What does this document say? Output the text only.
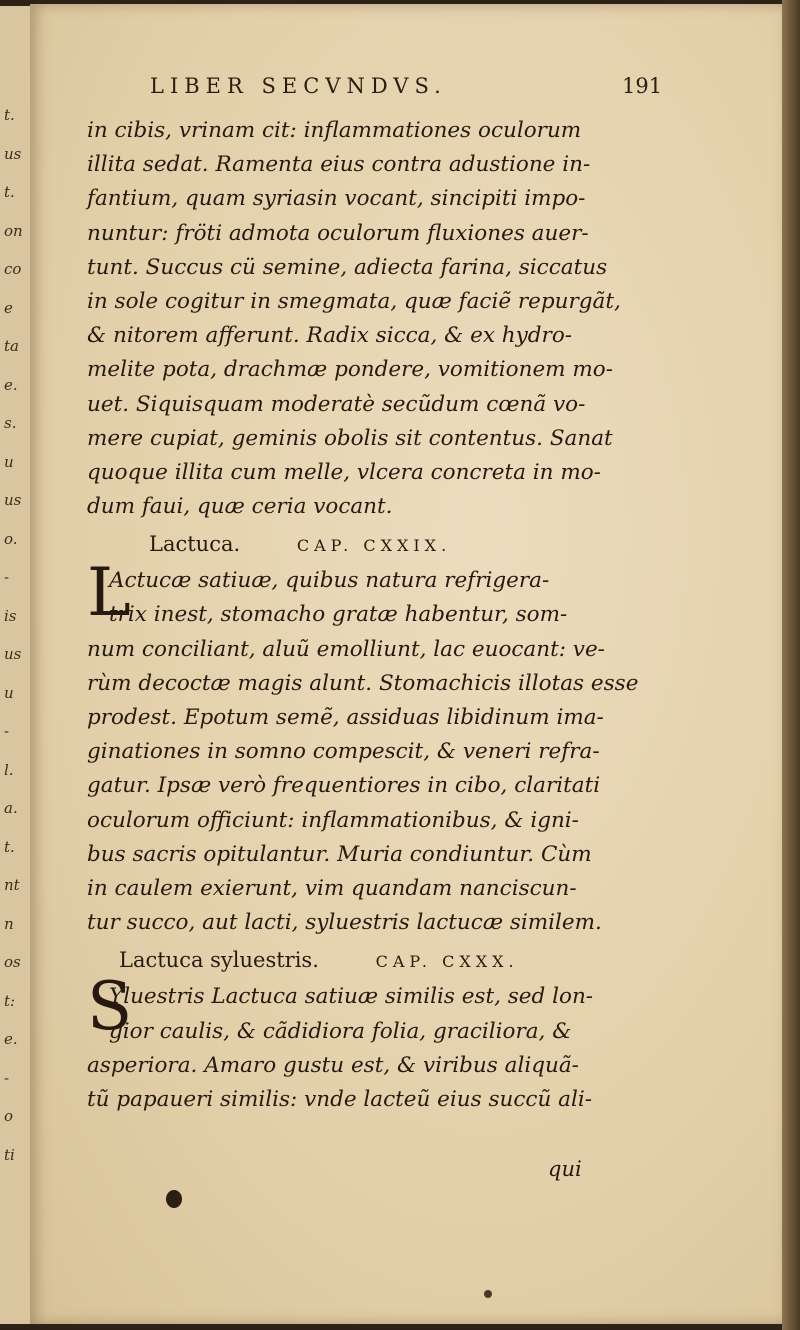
t.
us
t.
on
co
e
ta
e.
s.
u
us
o.
-
is
us
u
-
l.
a.
t.
nt
n
os
t:
e.
-
o
ti
LIBER SECVNDVS.	191
in cibis, vrinam cit: inflammationes oculorum
illita sedat. Ramenta eius contra adustione in-
fantium, quam syriasin vocant, sincipiti impo-
nuntur: fröti admota oculorum fluxiones auer-
tunt. Succus cü semine, adiecta farina, siccatus
in sole cogitur in smegmata, quæ faciẽ repurgãt,
& nitorem afferunt. Radix sicca, & ex hydro-
melite pota, drachmæ pondere, vomitionem mo-
uet. Siquisquam moderatè secũdum cœnã vo-
mere cupiat, geminis obolis sit contentus. Sanat
quoque illita cum melle, vlcera concreta in mo-
dum faui, quæ ceria vocant.
Lactuca.	CAP. CXXIX.
L
Actucæ satiuæ, quibus natura refrigera-
trix inest, stomacho gratæ habentur, som-
num conciliant, aluũ emolliunt, lac euocant: ve-
rùm decoctæ magis alunt. Stomachicis illotas esse
prodest. Epotum semẽ, assiduas libidinum ima-
ginationes in somno compescit, & veneri refra-
gatur. Ipsæ verò frequentiores in cibo, claritati
oculorum officiunt: inflammationibus, & igni-
bus sacris opitulantur. Muria condiuntur. Cùm
in caulem exierunt, vim quandam nanciscun-
tur succo, aut lacti, syluestris lactucæ similem.
Lactuca syluestris.	CAP. CXXX.
S
Yluestris Lactuca satiuæ similis est, sed lon-
gior caulis, & cãdidiora folia, graciliora, &
asperiora. Amaro gustu est, & viribus aliquã-
tũ papaueri similis: vnde lacteũ eius succũ ali-
qui
